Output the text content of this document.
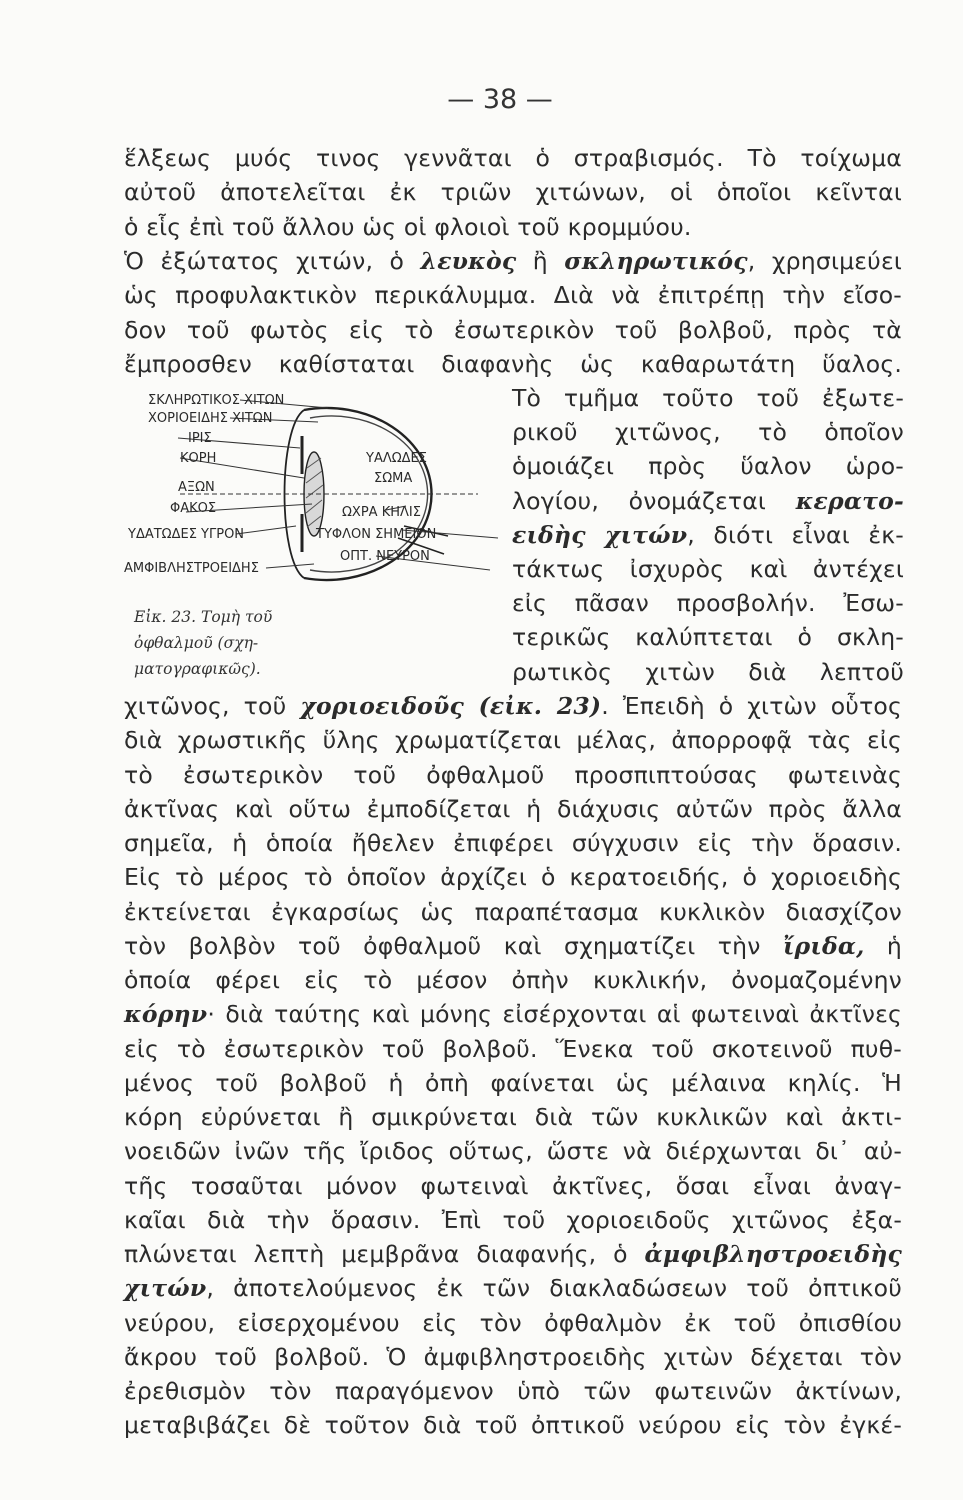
— 38 —
ἕλξεως μυός τινος γεννᾶται ὁ στραβισμός. Τὸ τοίχωμα
αὐτοῦ ἀποτελεῖται ἐκ τριῶν χιτώνων, οἱ ὁποῖοι κεῖνται
ὁ εἷς ἐπὶ τοῦ ἄλλου ὡς οἱ φλοιοὶ τοῦ κρομμύου.
Ὁ ἐξώτατος χιτών, ὁ λευκὸς ἢ σκληρωτικός, χρησιμεύει
ὡς προφυλακτικὸν περικάλυμμα. Διὰ νὰ ἐπιτρέπῃ τὴν εἴσο-
δον τοῦ φωτὸς εἰς τὸ ἐσωτερικὸν τοῦ βολβοῦ, πρὸς τὰ
ἔμπροσθεν καθίσταται διαφανὴς ὡς καθαρωτάτη ὕαλος.
ΣΚΛΗΡΩΤΙΚΟΣ ΧΙΤΩΝ
ΧΟΡΙΟΕΙΔΗΣ ΧΙΤΩΝ
ΙΡΙΣ
ΚΟΡΗ
ΑΞΩΝ
ΦΑΚΟΣ
ΥΔΑΤΩΔΕΣ ΥΓΡΟΝ
ΑΜΦΙΒΛΗΣΤΡΟΕΙΔΗΣ
ΥΑΛΩΔΕΣ
ΣΩΜΑ
ΩΧΡΑ ΚΗΛΙΣ
ΤΥΦΛΟΝ ΣΗΜΕΙΟΝ
ΟΠΤ. ΝΕΥΡΟΝ
Εἰκ. 23. Τομὴ τοῦ ὀφθαλμοῦ (σχη-
ματογραφικῶς).
Τὸ τμῆμα τοῦτο τοῦ ἐξωτε-
ρικοῦ χιτῶνος, τὸ ὁποῖον
ὁμοιάζει πρὸς ὕαλον ὡρο-
λογίου, ὀνομάζεται κερατο-
ειδὴς χιτών, διότι εἶναι ἐκ-
τάκτως ἰσχυρὸς καὶ ἀντέχει
εἰς πᾶσαν προσβολήν. Ἐσω-
τερικῶς καλύπτεται ὁ σκλη-
ρωτικὸς χιτὼν διὰ λεπτοῦ
χιτῶνος, τοῦ χοριοειδοῦς (εἰκ. 23). Ἐπειδὴ ὁ χιτὼν οὗτος
διὰ χρωστικῆς ὕλης χρωματίζεται μέλας, ἀπορροφᾷ τὰς εἰς
τὸ ἐσωτερικὸν τοῦ ὀφθαλμοῦ προσπιπτούσας φωτεινὰς
ἀκτῖνας καὶ οὕτω ἐμποδίζεται ἡ διάχυσις αὐτῶν πρὸς ἄλλα
σημεῖα, ἡ ὁποία ἤθελεν ἐπιφέρει σύγχυσιν εἰς τὴν ὅρασιν.
Εἰς τὸ μέρος τὸ ὁποῖον ἀρχίζει ὁ κερατοειδής, ὁ χοριοειδὴς
ἐκτείνεται ἐγκαρσίως ὡς παραπέτασμα κυκλικὸν διασχίζον
τὸν βολβὸν τοῦ ὀφθαλμοῦ καὶ σχηματίζει τὴν ἴριδα, ἡ
ὁποία φέρει εἰς τὸ μέσον ὀπὴν κυκλικήν, ὀνομαζομένην
κόρην· διὰ ταύτης καὶ μόνης εἰσέρχονται αἱ φωτειναὶ ἀκτῖνες
εἰς τὸ ἐσωτερικὸν τοῦ βολβοῦ. Ἕνεκα τοῦ σκοτεινοῦ πυθ-
μένος τοῦ βολβοῦ ἡ ὀπὴ φαίνεται ὡς μέλαινα κηλίς. Ἡ
κόρη εὐρύνεται ἢ σμικρύνεται διὰ τῶν κυκλικῶν καὶ ἀκτι-
νοειδῶν ἰνῶν τῆς ἴριδος οὕτως, ὥστε νὰ διέρχωνται δι᾿ αὐ-
τῆς τοσαῦται μόνον φωτειναὶ ἀκτῖνες, ὅσαι εἶναι ἀναγ-
καῖαι διὰ τὴν ὅρασιν. Ἐπὶ τοῦ χοριοειδοῦς χιτῶνος ἐξα-
πλώνεται λεπτὴ μεμβρᾶνα διαφανής, ὁ ἀμφιβληστροειδὴς
χιτών, ἀποτελούμενος ἐκ τῶν διακλαδώσεων τοῦ ὀπτικοῦ
νεύρου, εἰσερχομένου εἰς τὸν ὀφθαλμὸν ἐκ τοῦ ὀπισθίου
ἄκρου τοῦ βολβοῦ. Ὁ ἀμφιβληστροειδὴς χιτὼν δέχεται τὸν
ἐρεθισμὸν τὸν παραγόμενον ὑπὸ τῶν φωτεινῶν ἀκτίνων,
μεταβιβάζει δὲ τοῦτον διὰ τοῦ ὀπτικοῦ νεύρου εἰς τὸν ἐγκέ-
